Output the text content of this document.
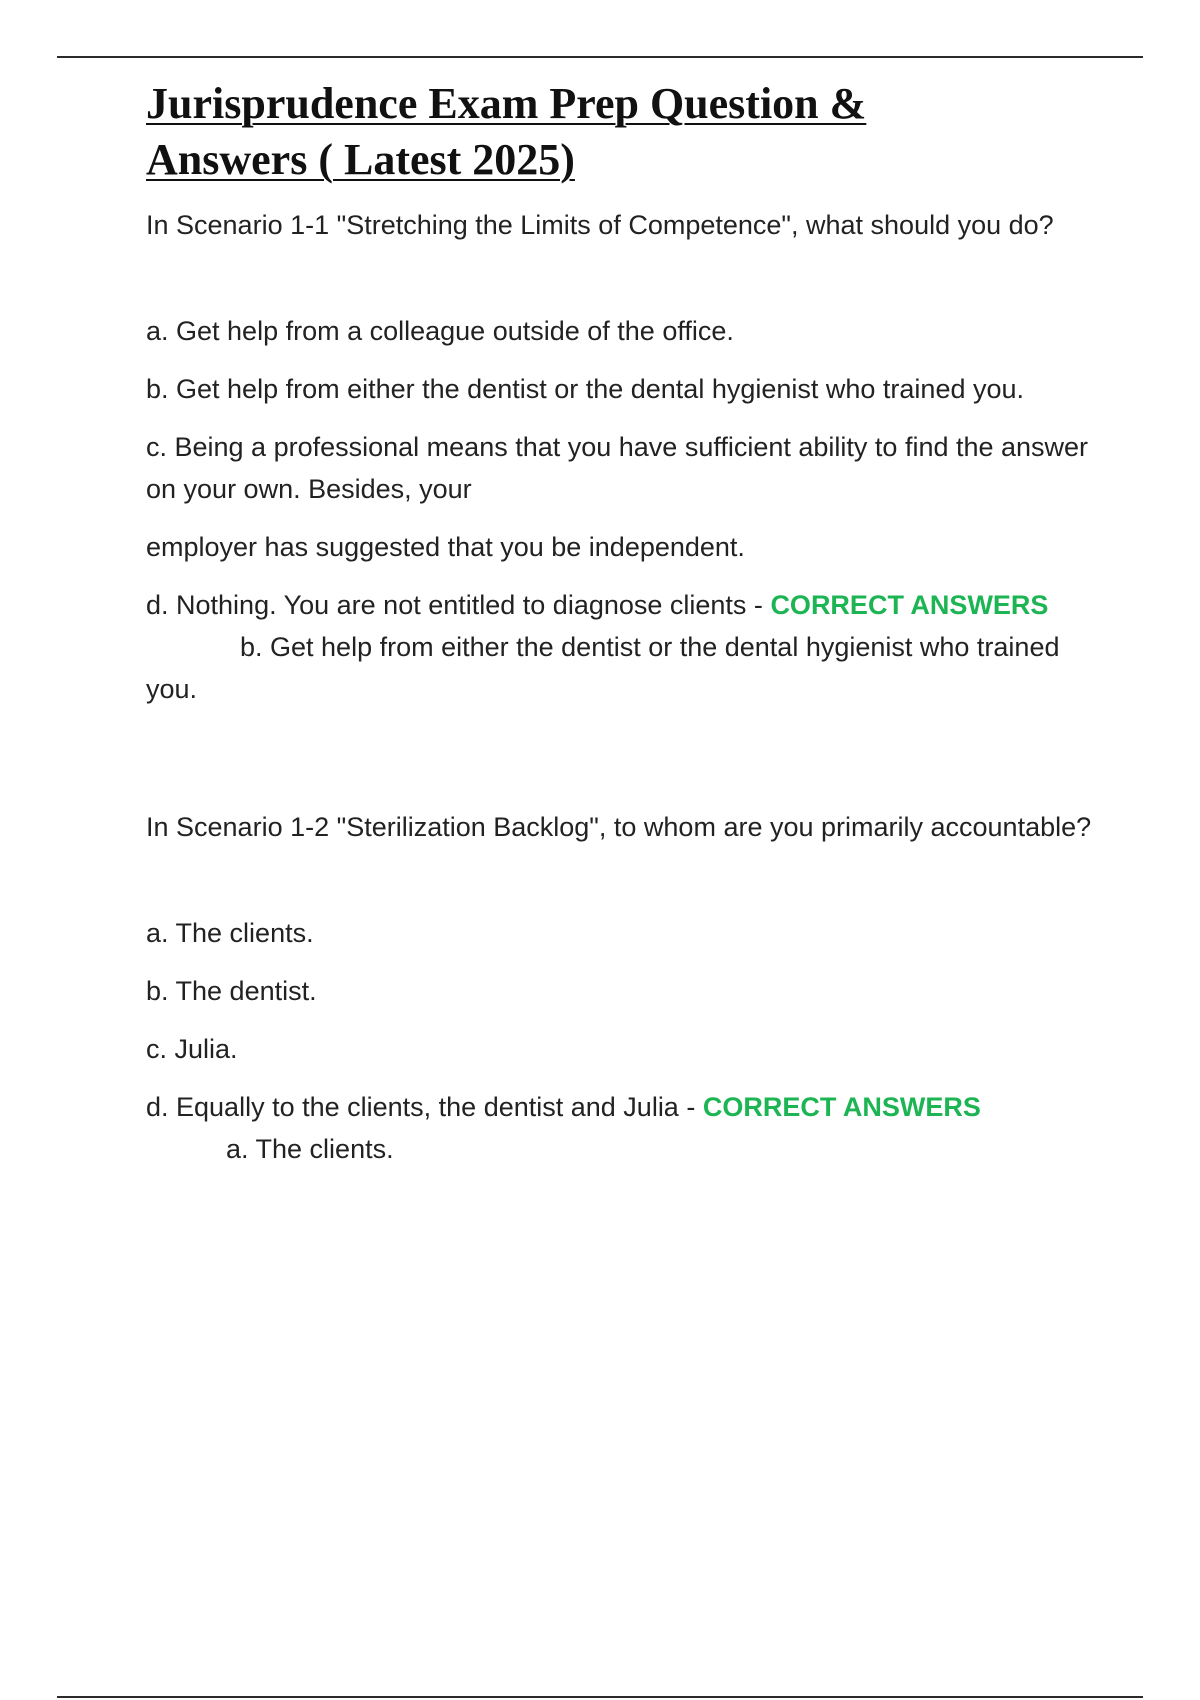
Jurisprudence Exam Prep Question &
Answers ( Latest 2025)

In Scenario 1-1 "Stretching the Limits of Competence", what should you do?

a. Get help from a colleague outside of the office.

b. Get help from either the dentist or the dental hygienist who trained you.

c. Being a professional means that you have sufficient ability to find the answer on your own. Besides, your

employer has suggested that you be independent.

d. Nothing. You are not entitled to diagnose clients - CORRECT ANSWERSb. Get help from either the dentist or the dental hygienist who trained you.

In Scenario 1-2 "Sterilization Backlog", to whom are you primarily accountable?

a. The clients.

b. The dentist.

c. Julia.

d. Equally to the clients, the dentist and Julia - CORRECT ANSWERS

a. The clients.
